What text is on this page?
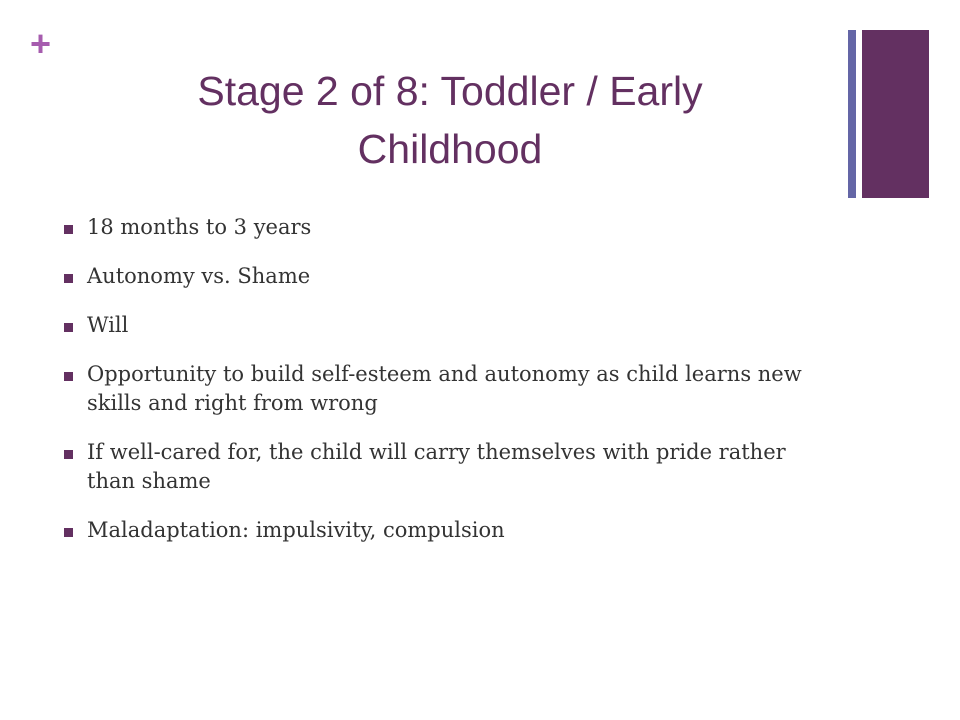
+
Stage 2 of 8: Toddler / Early Childhood
18 months to 3 years
Autonomy vs. Shame
Will
Opportunity to build self-esteem and autonomy as child learns new skills and right from wrong
If well-cared for, the child will carry themselves with pride rather than shame
Maladaptation: impulsivity, compulsion
